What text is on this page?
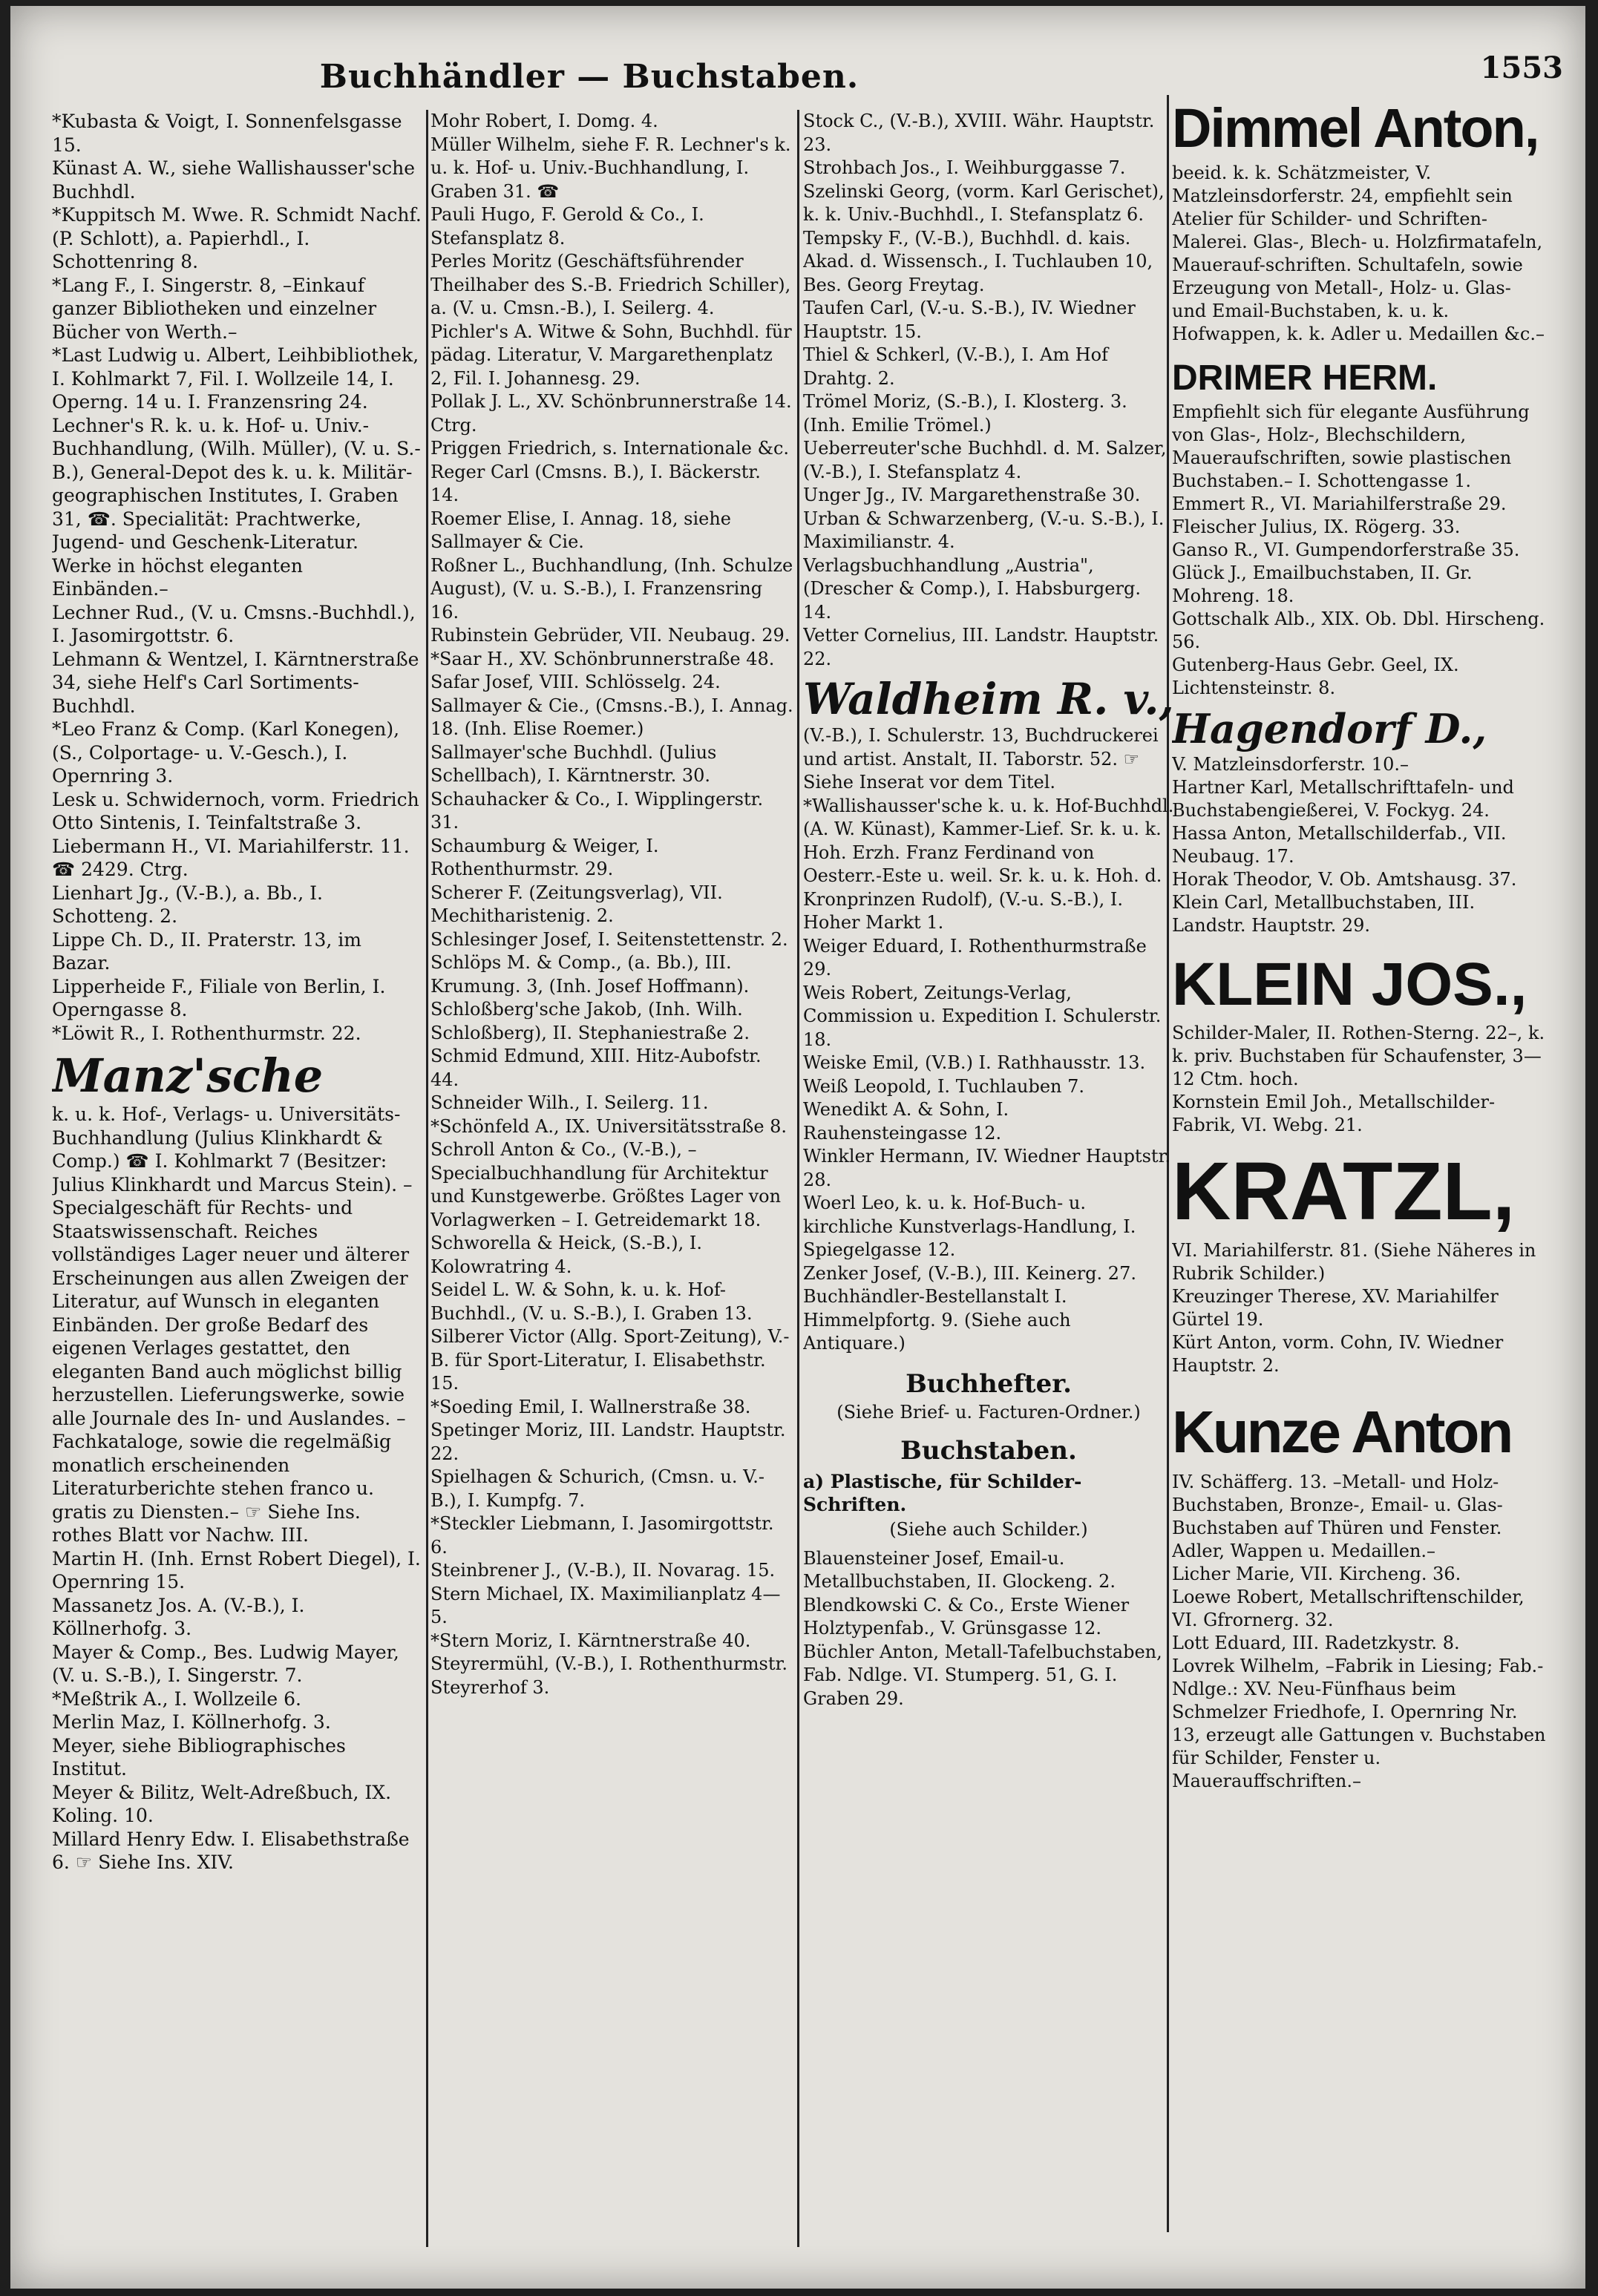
Buchhändler — Buchstaben.	1553

*Kubasta & Voigt, I. Sonnenfelsgasse 15.

Künast A. W., siehe Wallishausser'sche Buchhdl.

*Kuppitsch M. Wwe. R. Schmidt Nachf. (P. Schlott), a. Papierhdl., I. Schottenring 8.

*Lang F., I. Singerstr. 8, –Einkauf ganzer Bibliotheken und einzelner Bücher von Werth.–

*Last Ludwig u. Albert, Leihbibliothek, I. Kohlmarkt 7, Fil. I. Wollzeile 14, I. Operng. 14 u. I. Franzensring 24.

Lechner's R. k. u. k. Hof- u. Univ.-Buchhandlung, (Wilh. Müller), (V. u. S.-B.), General-Depot des k. u. k. Militär-geographischen Institutes, I. Graben 31, ☎. Specialität: Prachtwerke, Jugend- und Geschenk-Literatur. Werke in höchst eleganten Einbänden.–

Lechner Rud., (V. u. Cmsns.-Buchhdl.), I. Jasomirgottstr. 6.

Lehmann & Wentzel, I. Kärntnerstraße 34, siehe Helf's Carl Sortiments-Buchhdl.

*Leo Franz & Comp. (Karl Konegen), (S., Colportage- u. V.-Gesch.), I. Opernring 3.

Lesk u. Schwidernoch, vorm. Friedrich Otto Sintenis, I. Teinfaltstraße 3.

Liebermann H., VI. Mariahilferstr. 11. ☎ 2429. Ctrg.

Lienhart Jg., (V.-B.), a. Bb., I. Schotteng. 2.

Lippe Ch. D., II. Praterstr. 13, im Bazar.

Lipperheide F., Filiale von Berlin, I. Operngasse 8.

*Löwit R., I. Rothenthurmstr. 22.

Manz'sche

k. u. k. Hof-, Verlags- u. Universitäts-Buchhandlung (Julius Klinkhardt & Comp.) ☎ I. Kohlmarkt 7 (Besitzer: Julius Klinkhardt und Marcus Stein). –Specialgeschäft für Rechts- und Staatswissenschaft. Reiches vollständiges Lager neuer und älterer Erscheinungen aus allen Zweigen der Literatur, auf Wunsch in eleganten Einbänden. Der große Bedarf des eigenen Verlages gestattet, den eleganten Band auch möglichst billig herzustellen. Lieferungswerke, sowie alle Journale des In- und Auslandes. –Fachkataloge, sowie die regelmäßig monatlich erscheinenden Literaturberichte stehen franco u. gratis zu Diensten.– ☞ Siehe Ins. rothes Blatt vor Nachw. III.

Martin H. (Inh. Ernst Robert Diegel), I. Opernring 15.

Massanetz Jos. A. (V.-B.), I. Köllnerhofg. 3.

Mayer & Comp., Bes. Ludwig Mayer, (V. u. S.-B.), I. Singerstr. 7.

*Meßtrik A., I. Wollzeile 6.

Merlin Maz, I. Köllnerhofg. 3.

Meyer, siehe Bibliographisches Institut.

Meyer & Bilitz, Welt-Adreßbuch, IX. Koling. 10.

Millard Henry Edw. I. Elisabethstraße 6. ☞ Siehe Ins. XIV.

Mohr Robert, I. Domg. 4.

Müller Wilhelm, siehe F. R. Lechner's k. u. k. Hof- u. Univ.-Buchhandlung, I. Graben 31. ☎

Pauli Hugo, F. Gerold & Co., I. Stefansplatz 8.

Perles Moritz (Geschäftsführender Theilhaber des S.-B. Friedrich Schiller), a. (V. u. Cmsn.-B.), I. Seilerg. 4.

Pichler's A. Witwe & Sohn, Buchhdl. für pädag. Literatur, V. Margarethenplatz 2, Fil. I. Johannesg. 29.

Pollak J. L., XV. Schönbrunnerstraße 14. Ctrg.

Priggen Friedrich, s. Internationale &c.

Reger Carl (Cmsns. B.), I. Bäckerstr. 14.

Roemer Elise, I. Annag. 18, siehe Sallmayer & Cie.

Roßner L., Buchhandlung, (Inh. Schulze August), (V. u. S.-B.), I. Franzensring 16.

Rubinstein Gebrüder, VII. Neubaug. 29.

*Saar H., XV. Schönbrunnerstraße 48.

Safar Josef, VIII. Schlösselg. 24.

Sallmayer & Cie., (Cmsns.-B.), I. Annag. 18. (Inh. Elise Roemer.)

Sallmayer'sche Buchhdl. (Julius Schellbach), I. Kärntnerstr. 30.

Schauhacker & Co., I. Wipplingerstr. 31.

Schaumburg & Weiger, I. Rothenthurmstr. 29.

Scherer F. (Zeitungsverlag), VII. Mechitharistenig. 2.

Schlesinger Josef, I. Seitenstettenstr. 2.

Schlöps M. & Comp., (a. Bb.), III. Krumung. 3, (Inh. Josef Hoffmann).

Schloßberg'sche Jakob, (Inh. Wilh. Schloßberg), II. Stephaniestraße 2.

Schmid Edmund, XIII. Hitz-Aubofstr. 44.

Schneider Wilh., I. Seilerg. 11.

*Schönfeld A., IX. Universitätsstraße 8.

Schroll Anton & Co., (V.-B.), –Specialbuchhandlung für Architektur und Kunstgewerbe. Größtes Lager von Vorlagwerken – I. Getreidemarkt 18.

Schworella & Heick, (S.-B.), I. Kolowratring 4.

Seidel L. W. & Sohn, k. u. k. Hof-Buchhdl., (V. u. S.-B.), I. Graben 13.

Silberer Victor (Allg. Sport-Zeitung), V.-B. für Sport-Literatur, I. Elisabethstr. 15.

*Soeding Emil, I. Wallnerstraße 38.

Spetinger Moriz, III. Landstr. Hauptstr. 22.

Spielhagen & Schurich, (Cmsn. u. V.-B.), I. Kumpfg. 7.

*Steckler Liebmann, I. Jasomirgottstr. 6.

Steinbrener J., (V.-B.), II. Novarag. 15.

Stern Michael, IX. Maximilianplatz 4—5.

*Stern Moriz, I. Kärntnerstraße 40.

Steyrermühl, (V.-B.), I. Rothenthurmstr. Steyrerhof 3.

Stock C., (V.-B.), XVIII. Währ. Hauptstr. 23.

Strohbach Jos., I. Weihburggasse 7.

Szelinski Georg, (vorm. Karl Gerischet), k. k. Univ.-Buchhdl., I. Stefansplatz 6.

Tempsky F., (V.-B.), Buchhdl. d. kais. Akad. d. Wissensch., I. Tuchlauben 10, Bes. Georg Freytag.

Taufen Carl, (V.-u. S.-B.), IV. Wiedner Hauptstr. 15.

Thiel & Schkerl, (V.-B.), I. Am Hof Drahtg. 2.

Trömel Moriz, (S.-B.), I. Klosterg. 3. (Inh. Emilie Trömel.)

Ueberreuter'sche Buchhdl. d. M. Salzer, (V.-B.), I. Stefansplatz 4.

Unger Jg., IV. Margarethenstraße 30.

Urban & Schwarzenberg, (V.-u. S.-B.), I. Maximilianstr. 4.

Verlagsbuchhandlung „Austria", (Drescher & Comp.), I. Habsburgerg. 14.

Vetter Cornelius, III. Landstr. Hauptstr. 22.

Waldheim R. v.,

(V.-B.), I. Schulerstr. 13, Buchdruckerei und artist. Anstalt, II. Taborstr. 52. ☞ Siehe Inserat vor dem Titel.

*Wallishausser'sche k. u. k. Hof-Buchhdl. (A. W. Künast), Kammer-Lief. Sr. k. u. k. Hoh. Erzh. Franz Ferdinand von Oesterr.-Este u. weil. Sr. k. u. k. Hoh. d. Kronprinzen Rudolf), (V.-u. S.-B.), I. Hoher Markt 1.

Weiger Eduard, I. Rothenthurmstraße 29.

Weis Robert, Zeitungs-Verlag, Commission u. Expedition I. Schulerstr. 18.

Weiske Emil, (V.B.) I. Rathhausstr. 13.

Weiß Leopold, I. Tuchlauben 7.

Wenedikt A. & Sohn, I. Rauhensteingasse 12.

Winkler Hermann, IV. Wiedner Hauptstr. 28.

Woerl Leo, k. u. k. Hof-Buch- u. kirchliche Kunstverlags-Handlung, I. Spiegelgasse 12.

Zenker Josef, (V.-B.), III. Keinerg. 27.

Buchhändler-Bestellanstalt I. Himmelpfortg. 9. (Siehe auch Antiquare.)

Buchhefter.
(Siehe Brief- u. Facturen-Ordner.)
Buchstaben.
a) Plastische, für Schilder-Schriften.
(Siehe auch Schilder.)

Blauensteiner Josef, Email-u. Metallbuchstaben, II. Glockeng. 2.

Blendkowski C. & Co., Erste Wiener Holztypenfab., V. Grünsgasse 12.

Büchler Anton, Metall-Tafelbuchstaben, Fab. Ndlge. VI. Stumperg. 51, G. I. Graben 29.

Dimmel Anton,

beeid. k. k. Schätzmeister, V. Matzleinsdorferstr. 24, empfiehlt sein Atelier für Schilder- und Schriften-Malerei. Glas-, Blech- u. Holzfirmatafeln, Mauerauf-schriften. Schultafeln, sowie Erzeugung von Metall-, Holz- u. Glas- und Email-Buchstaben, k. u. k. Hofwappen, k. k. Adler u. Medaillen &c.–

DRIMER HERM.

Empfiehlt sich für elegante Ausführung von Glas-, Holz-, Blechschildern, Maueraufschriften, sowie plastischen Buchstaben.– I. Schottengasse 1.

Emmert R., VI. Mariahilferstraße 29.

Fleischer Julius, IX. Rögerg. 33.

Ganso R., VI. Gumpendorferstraße 35.

Glück J., Emailbuchstaben, II. Gr. Mohreng. 18.

Gottschalk Alb., XIX. Ob. Dbl. Hirscheng. 56.

Gutenberg-Haus Gebr. Geel, IX. Lichtensteinstr. 8.

Hagendorf D.,

V. Matzleinsdorferstr. 10.–

Hartner Karl, Metallschrifttafeln- und Buchstabengießerei, V. Fockyg. 24.

Hassa Anton, Metallschilderfab., VII. Neubaug. 17.

Horak Theodor, V. Ob. Amtshausg. 37.

Klein Carl, Metallbuchstaben, III. Landstr. Hauptstr. 29.

KLEIN JOS.,

Schilder-Maler, II. Rothen-Sterng. 22–, k. k. priv. Buchstaben für Schaufenster, 3—12 Ctm. hoch.

Kornstein Emil Joh., Metallschilder-Fabrik, VI. Webg. 21.

KRATZL,

VI. Mariahilferstr. 81. (Siehe Näheres in Rubrik Schilder.)

Kreuzinger Therese, XV. Mariahilfer Gürtel 19.

Kürt Anton, vorm. Cohn, IV. Wiedner Hauptstr. 2.

Kunze Anton

IV. Schäfferg. 13. –Metall- und Holz-Buchstaben, Bronze-, Email- u. Glas-Buchstaben auf Thüren und Fenster. Adler, Wappen u. Medaillen.–

Licher Marie, VII. Kircheng. 36.

Loewe Robert, Metallschriftenschilder, VI. Gfrornerg. 32.

Lott Eduard, III. Radetzkystr. 8.

Lovrek Wilhelm, –Fabrik in Liesing; Fab.-Ndlge.: XV. Neu-Fünfhaus beim Schmelzer Friedhofe, I. Opernring Nr. 13, erzeugt alle Gattungen v. Buchstaben für Schilder, Fenster u. Mauerauffschriften.–
